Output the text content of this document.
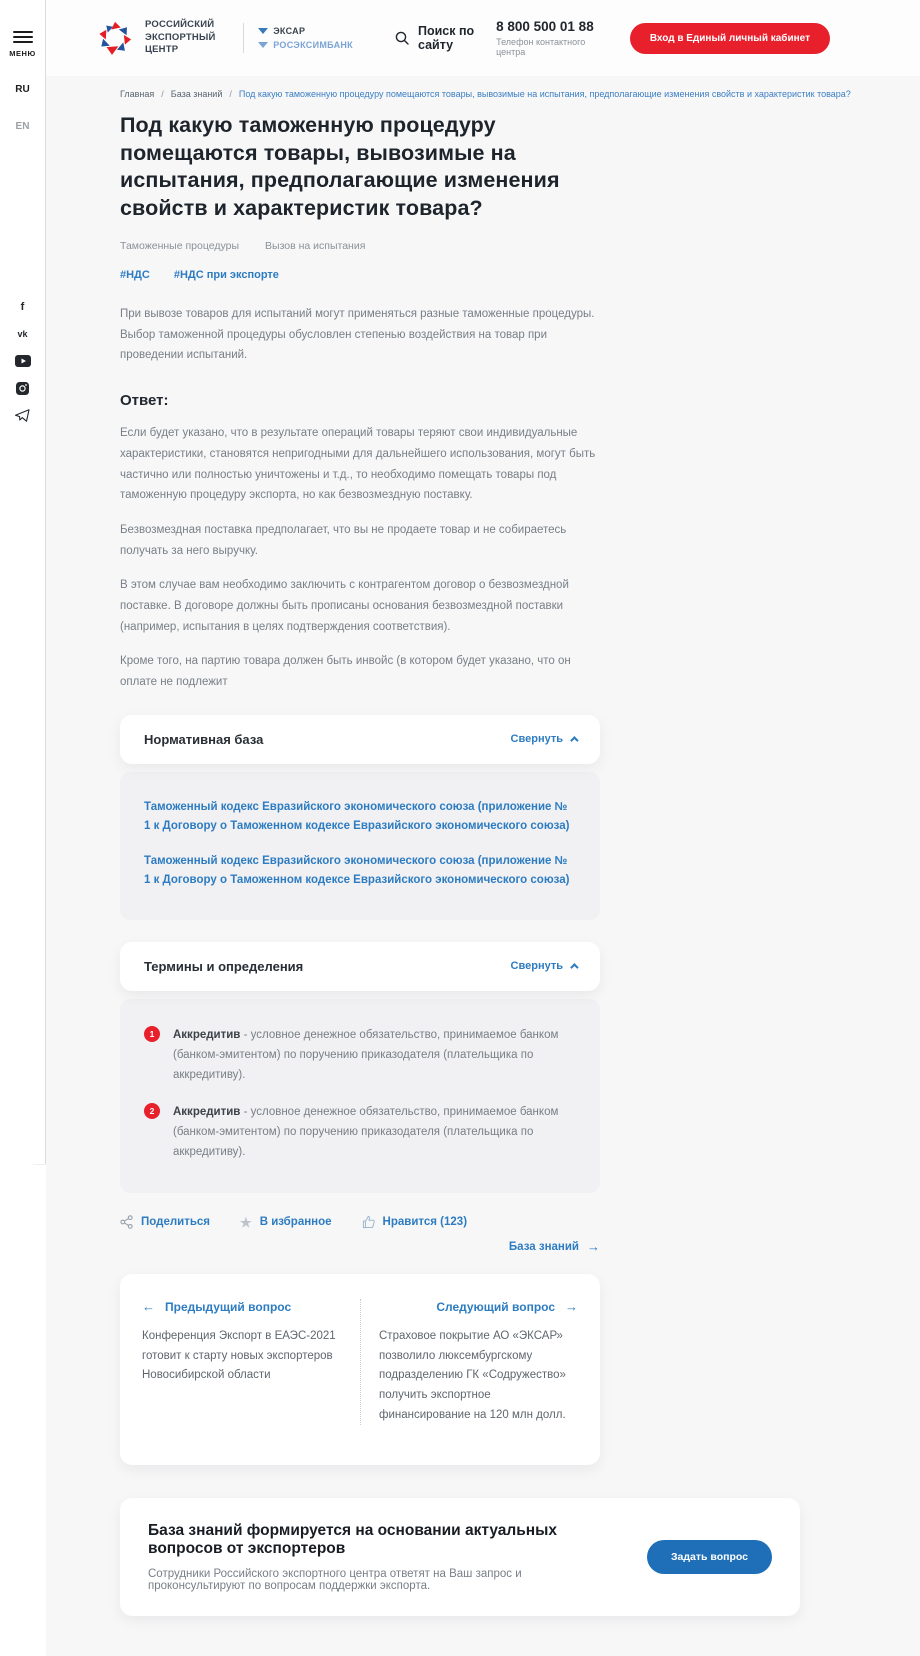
МЕНЮ
RU
EN
f
vk
РОССИЙСКИЙ
ЭКСПОРТНЫЙ ЦЕНТР
ЭКСАР
РОСЭКСИМБАНК
Поиск по сайту
8 800 500 01 88
Телефон контактного центра
Вход в Единый личный кабинет
Главная / База знаний / Под какую таможенную процедуру помещаются товары, вывозимые на испытания, предполагающие изменения свойств и характеристик товара?
Под какую таможенную процедуру помещаются товары, вывозимые на испытания, предполагающие изменения свойств и характеристик товара?
Таможенные процедуры Вызов на испытания
#НДС #НДС при экспорте

При вывозе товаров для испытаний могут применяться разные таможенные процедуры. Выбор таможенной процедуры обусловлен степенью воздействия на товар при проведении испытаний.

Ответ:

Если будет указано, что в результате операций товары теряют свои индивидуальные характеристики, становятся непригодными для дальнейшего использования, могут быть частично или полностью уничтожены и т.д., то необходимо помещать товары под таможенную процедуру экспорта, но как безвозмездную поставку.

Безвозмездная поставка предполагает, что вы не продаете товар и не собираетесь получать за него выручку.

В этом случае вам необходимо заключить с контрагентом договор о безвозмездной поставке. В договоре должны быть прописаны основания безвозмездной поставки (например, испытания в целях подтверждения соответствия).

Кроме того, на партию товара должен быть инвойс (в котором будет указано, что он оплате не подлежит

Нормативная база	Свернуть

Таможенный кодекс Евразийского экономического союза (приложение № 1 к Договору о Таможенном кодексе Евразийского экономического союза)

Таможенный кодекс Евразийского экономического союза (приложение № 1 к Договору о Таможенном кодексе Евразийского экономического союза)

Термины и определения	Свернуть
1	Аккредитив - условное денежное обязательство, принимаемое банком (банком-эмитентом) по поручению приказодателя (плательщика по аккредитиву).

2	Аккредитив - условное денежное обязательство, принимаемое банком (банком-эмитентом) по поручению приказодателя (плательщика по аккредитиву).

Поделиться ★ В избранное	Нравится (123)
База знаний →
← Предыдущий вопрос

Конференция Экспорт в ЕАЭС-2021 готовит к старту новых экспортеров Новосибирской области

Следующий вопрос →

Страховое покрытие АО «ЭКСАР» позволило люксембургскому подразделению ГК «Содружество» получить экспортное финансирование на 120 млн долл.

База знаний формируется на основании актуальных вопросов от экспортеров
Сотрудники Российского экспортного центра ответят на Ваш запрос и проконсультируют по вопросам поддержки экспорта.
Задать вопрос
